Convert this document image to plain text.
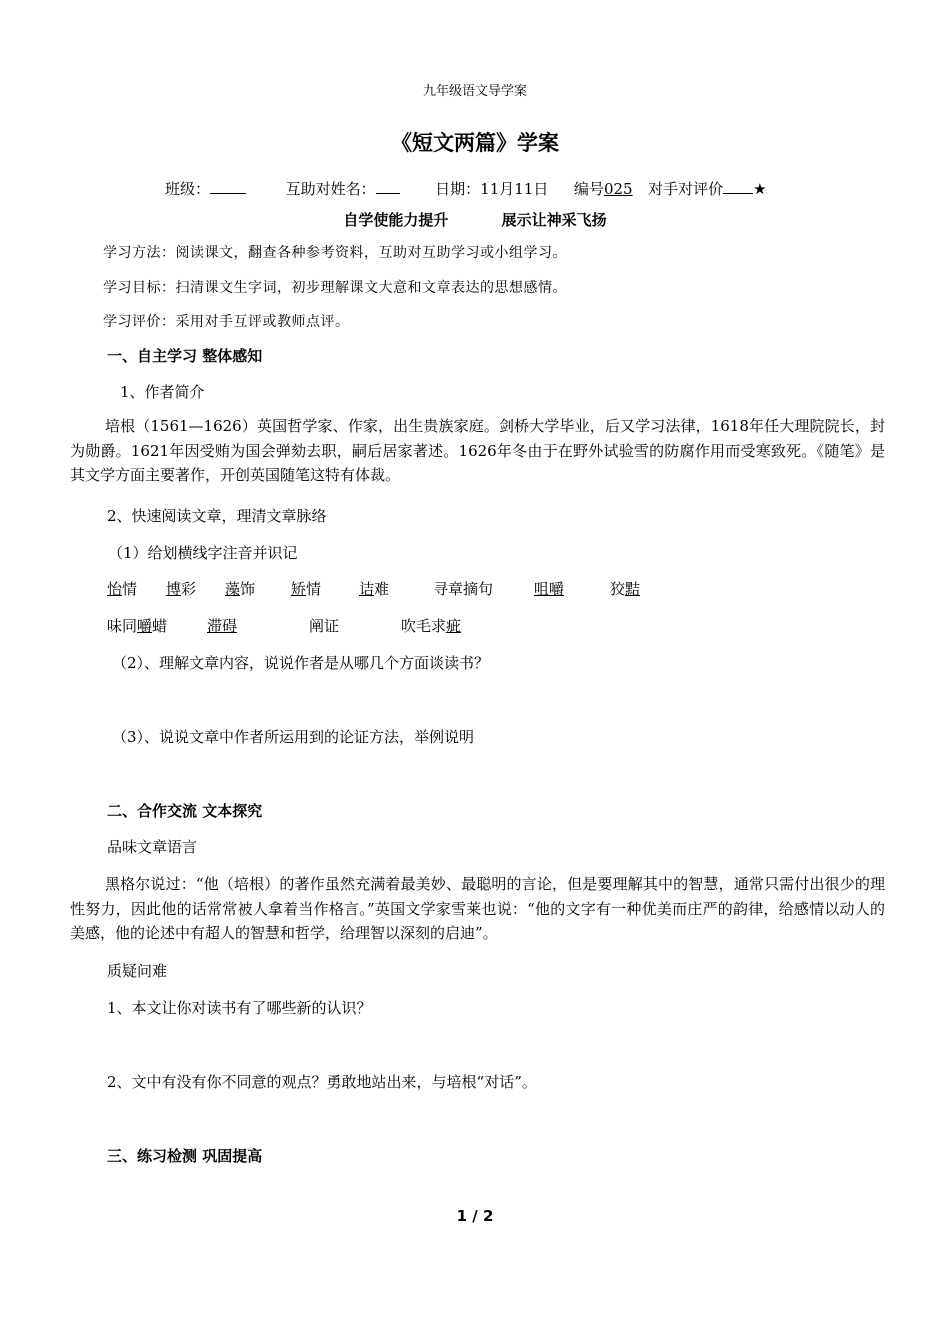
九年级语文导学案
《短文两篇》学案
班级：	互助对姓名：	日期：11月11日 编号025 对手对评价 ★
自学使能力提升	展示让神采飞扬
学习方法：阅读课文，翻查各种参考资料，互助对互助学习或小组学习。
学习目标：扫清课文生字词，初步理解课文大意和文章表达的思想感情。
学习评价：采用对手互评或教师点评。
一、自主学习 整体感知
1、作者简介
培根（1561—1626）英国哲学家、作家，出生贵族家庭。剑桥大学毕业，后又学习法律，1618年任大理院院长，封为勋爵。1621年因受贿为国会弹劾去职，嗣后居家著述。1626年冬由于在野外试验雪的防腐作用而受寒致死。《随笔》是其文学方面主要著作，开创英国随笔这特有体裁。
2、快速阅读文章，理清文章脉络
（1）给划横线字注音并识记
怡情 博彩 藻饰 矫情	诘难	寻章摘句	咀嚼	狡黠
味同嚼蜡	滞碍	阐证	吹毛求疵
（2）、理解文章内容，说说作者是从哪几个方面谈读书？
（3）、说说文章中作者所运用到的论证方法，举例说明
二、合作交流 文本探究
品味文章语言
黑格尔说过：“他（培根）的著作虽然充满着最美妙、最聪明的言论，但是要理解其中的智慧，通常只需付出很少的理性努力，因此他的话常常被人拿着当作格言。”英国文学家雪莱也说：“他的文字有一种优美而庄严的韵律，给感情以动人的美感，他的论述中有超人的智慧和哲学，给理智以深刻的启迪”。
质疑问难
1、本文让你对读书有了哪些新的认识？
2、文中有没有你不同意的观点？勇敢地站出来，与培根“对话”。
三、练习检测 巩固提高
1 / 2
